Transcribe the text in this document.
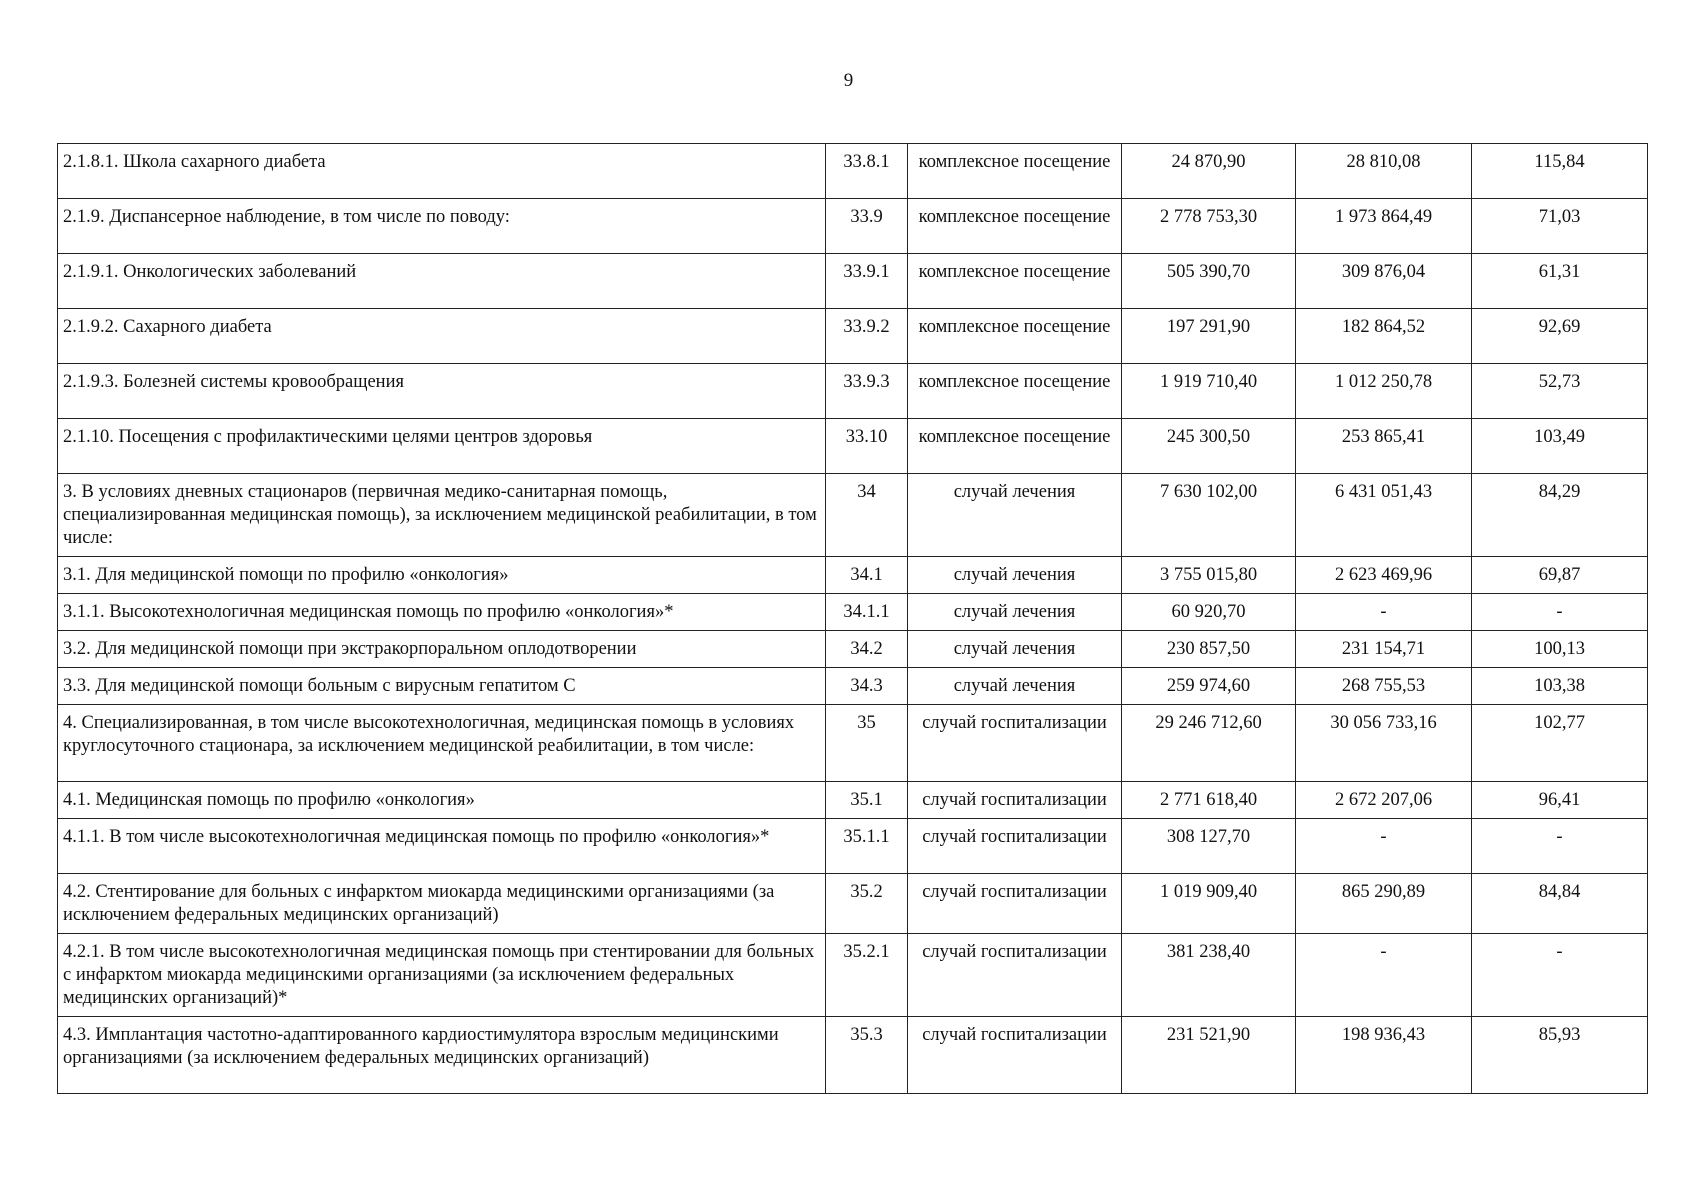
9
2.1.8.1. Школа сахарного диабета	33.8.1	комплексное посещение	24 870,90	28 810,08	115,84
2.1.9. Диспансерное наблюдение, в том числе по поводу:	33.9	комплексное посещение	2 778 753,30	1 973 864,49	71,03
2.1.9.1. Онкологических заболеваний	33.9.1	комплексное посещение	505 390,70	309 876,04	61,31
2.1.9.2. Сахарного диабета	33.9.2	комплексное посещение	197 291,90	182 864,52	92,69
2.1.9.3. Болезней системы кровообращения	33.9.3	комплексное посещение	1 919 710,40	1 012 250,78	52,73
2.1.10. Посещения с профилактическими целями центров здоровья	33.10	комплексное посещение	245 300,50	253 865,41	103,49
3. В условиях дневных стационаров (первичная медико-санитарная помощь, специализированная медицинская помощь), за исключением медицинской реабилитации, в том числе:	34	случай лечения	7 630 102,00	6 431 051,43	84,29
3.1. Для медицинской помощи по профилю «онкология»	34.1	случай лечения	3 755 015,80	2 623 469,96	69,87
3.1.1. Высокотехнологичная медицинская помощь по профилю «онкология»*	34.1.1	случай лечения	60 920,70	-	-
3.2. Для медицинской помощи при экстракорпоральном оплодотворении	34.2	случай лечения	230 857,50	231 154,71	100,13
3.3. Для медицинской помощи больным с вирусным гепатитом С	34.3	случай лечения	259 974,60	268 755,53	103,38
4. Специализированная, в том числе высокотехнологичная, медицинская помощь в условиях круглосуточного стационара, за исключением медицинской реабилитации, в том числе:	35	случай госпитализации	29 246 712,60	30 056 733,16	102,77
4.1. Медицинская помощь по профилю «онкология»	35.1	случай госпитализации	2 771 618,40	2 672 207,06	96,41
4.1.1. В том числе высокотехнологичная медицинская помощь по профилю «онкология»*	35.1.1	случай госпитализации	308 127,70	-	-
4.2. Стентирование для больных с инфарктом миокарда медицинскими организациями (за исключением федеральных медицинских организаций)	35.2	случай госпитализации	1 019 909,40	865 290,89	84,84
4.2.1. В том числе высокотехнологичная медицинская помощь при стентировании для больных с инфарктом миокарда медицинскими организациями (за исключением федеральных медицинских организаций)*	35.2.1	случай госпитализации	381 238,40	-	-
4.3. Имплантация частотно-адаптированного кардиостимулятора взрослым медицинскими организациями (за исключением федеральных медицинских организаций)	35.3	случай госпитализации	231 521,90	198 936,43	85,93
